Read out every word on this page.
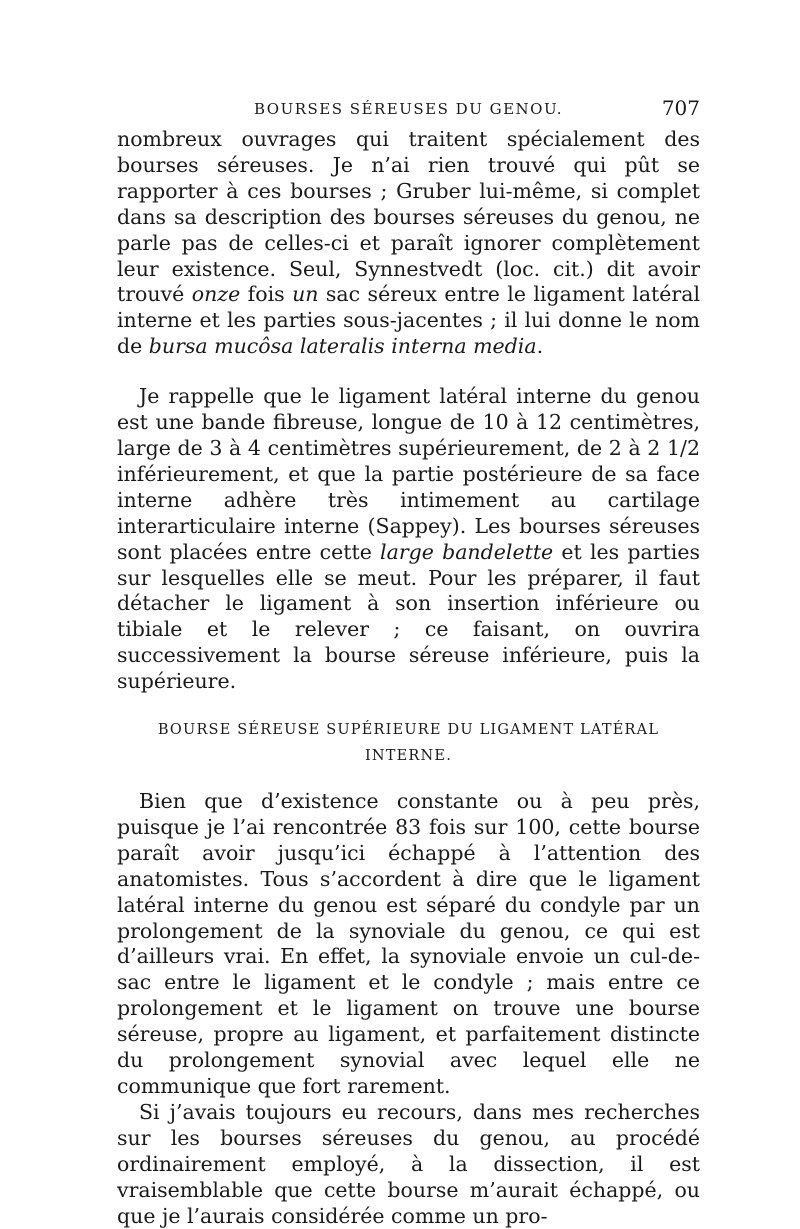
BOURSES SÉREUSES DU GENOU.	707

nombreux ouvrages qui traitent spécialement des bourses séreuses. Je n’ai rien trouvé qui pût se rapporter à ces bourses ; Gruber lui-même, si complet dans sa description des bourses séreuses du genou, ne parle pas de celles-ci et paraît ignorer complètement leur existence. Seul, Synnestvedt (loc. cit.) dit avoir trouvé onze fois un sac séreux entre le ligament latéral interne et les parties sous-jacentes ; il lui donne le nom de bursa mucôsa lateralis interna media.

Je rappelle que le ligament latéral interne du genou est une bande fibreuse, longue de 10 à 12 centimètres, large de 3 à 4 centimètres supérieurement, de 2 à 2 1/2 inférieurement, et que la partie postérieure de sa face interne adhère très intimement au cartilage interarticulaire interne (Sappey). Les bourses séreuses sont placées entre cette large bandelette et les parties sur lesquelles elle se meut. Pour les préparer, il faut détacher le ligament à son insertion inférieure ou tibiale et le relever ; ce faisant, on ouvrira successivement la bourse séreuse inférieure, puis la supérieure.

BOURSE SÉREUSE SUPÉRIEURE DU LIGAMENT LATÉRAL
INTERNE.

Bien que d’existence constante ou à peu près, puisque je l’ai rencontrée 83 fois sur 100, cette bourse paraît avoir jusqu’ici échappé à l’attention des anatomistes. Tous s’accordent à dire que le ligament latéral interne du genou est séparé du condyle par un prolongement de la synoviale du genou, ce qui est d’ailleurs vrai. En effet, la synoviale envoie un cul-de-sac entre le ligament et le condyle ; mais entre ce prolongement et le ligament on trouve une bourse séreuse, propre au ligament, et parfaitement distincte du prolongement synovial avec lequel elle ne communique que fort rarement.

Si j’avais toujours eu recours, dans mes recherches sur les bourses séreuses du genou, au procédé ordinairement employé, à la dissection, il est vraisemblable que cette bourse m’aurait échappé, ou que je l’aurais considérée comme un pro-
